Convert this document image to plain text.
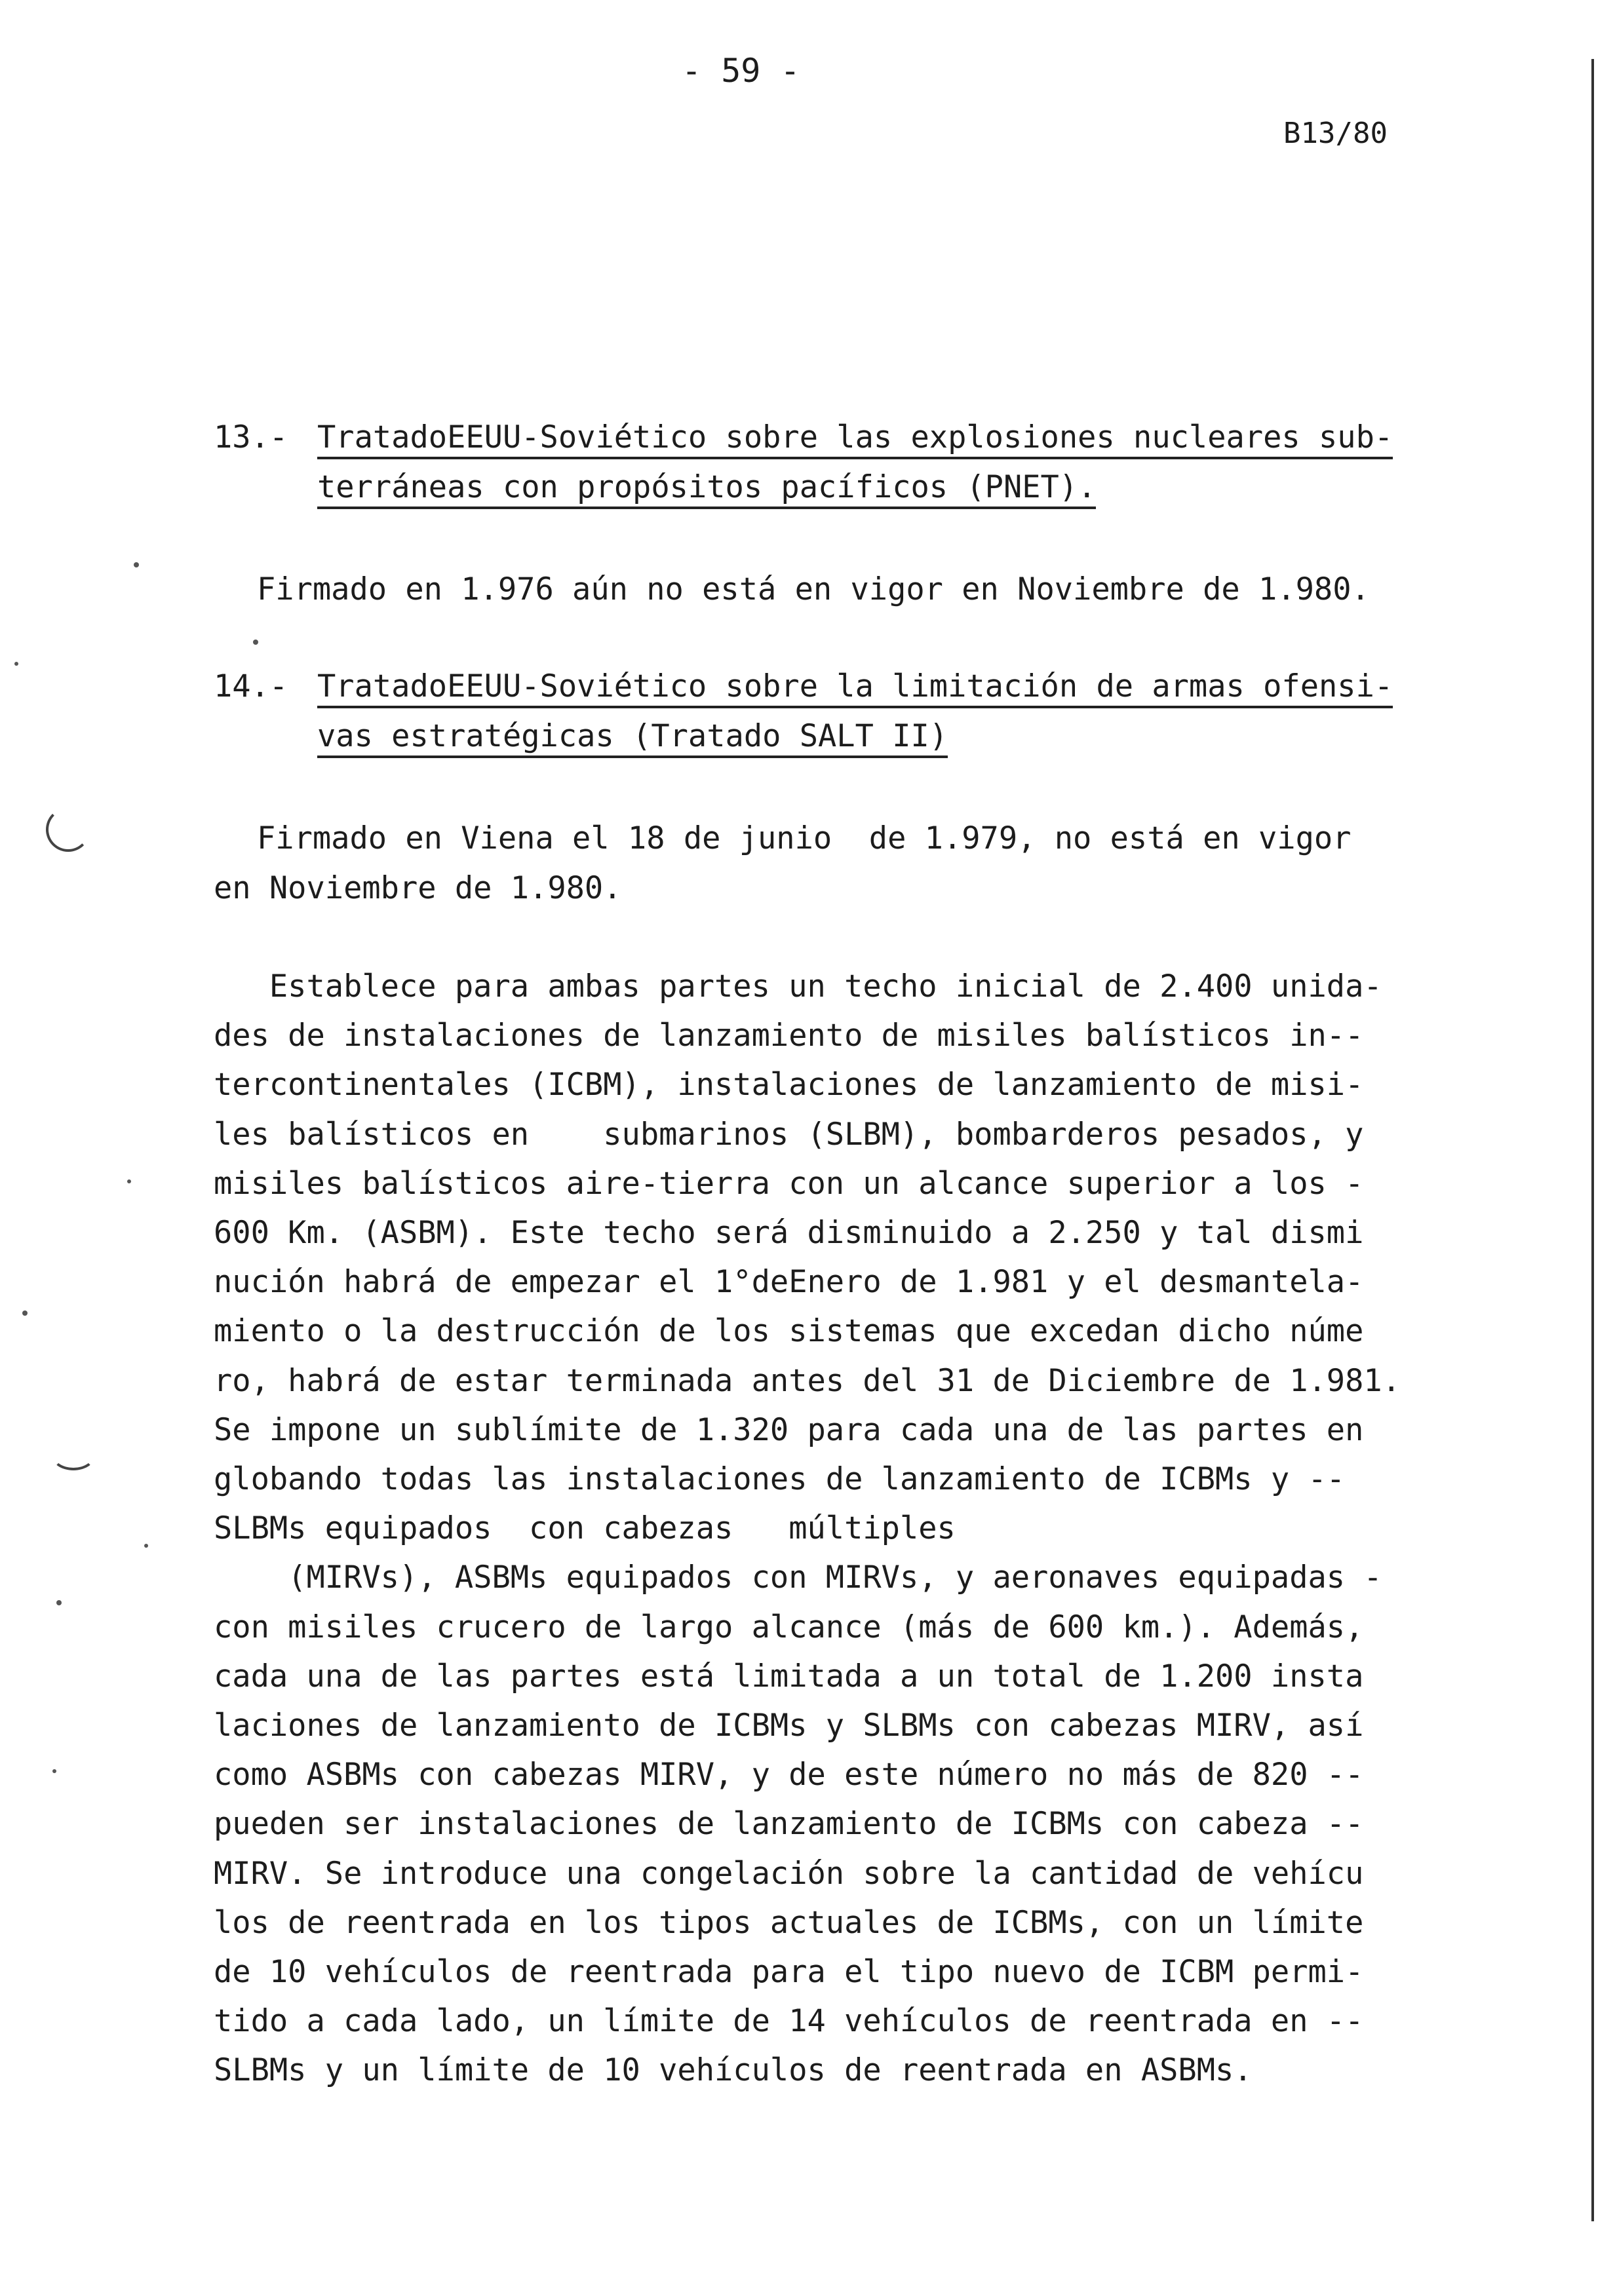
- 59 -
B13/80
13.- TratadoEEUU-Soviético sobre las explosiones nucleares sub-
terráneas con propósitos pacíficos (PNET).
Firmado en 1.976 aún no está en vigor en Noviembre de 1.980.
14.- TratadoEEUU-Soviético sobre la limitación de armas ofensi-
vas estratégicas (Tratado SALT II)
Firmado en Viena el 18 de junio  de 1.979, no está en vigor
en Noviembre de 1.980.
Establece para ambas partes un techo inicial de 2.400 unida-
des de instalaciones de lanzamiento de misiles balísticos in--
tercontinentales (ICBM), instalaciones de lanzamiento de misi-
les balísticos en    submarinos (SLBM), bombarderos pesados, y
misiles balísticos aire-tierra con un alcance superior a los -
600 Km. (ASBM). Este techo será disminuido a 2.250 y tal dismi
nución habrá de empezar el 1°deEnero de 1.981 y el desmantela-
miento o la destrucción de los sistemas que excedan dicho núme
ro, habrá de estar terminada antes del 31 de Diciembre de 1.981.
Se impone un sublímite de 1.320 para cada una de las partes en
globando todas las instalaciones de lanzamiento de ICBMs y --
SLBMs equipados  con cabezas   múltiples
(MIRVs), ASBMs equipados con MIRVs, y aeronaves equipadas -
con misiles crucero de largo alcance (más de 600 km.). Además,
cada una de las partes está limitada a un total de 1.200 insta
laciones de lanzamiento de ICBMs y SLBMs con cabezas MIRV, así
como ASBMs con cabezas MIRV, y de este número no más de 820 --
pueden ser instalaciones de lanzamiento de ICBMs con cabeza --
MIRV. Se introduce una congelación sobre la cantidad de vehícu
los de reentrada en los tipos actuales de ICBMs, con un límite
de 10 vehículos de reentrada para el tipo nuevo de ICBM permi-
tido a cada lado, un límite de 14 vehículos de reentrada en --
SLBMs y un límite de 10 vehículos de reentrada en ASBMs.
